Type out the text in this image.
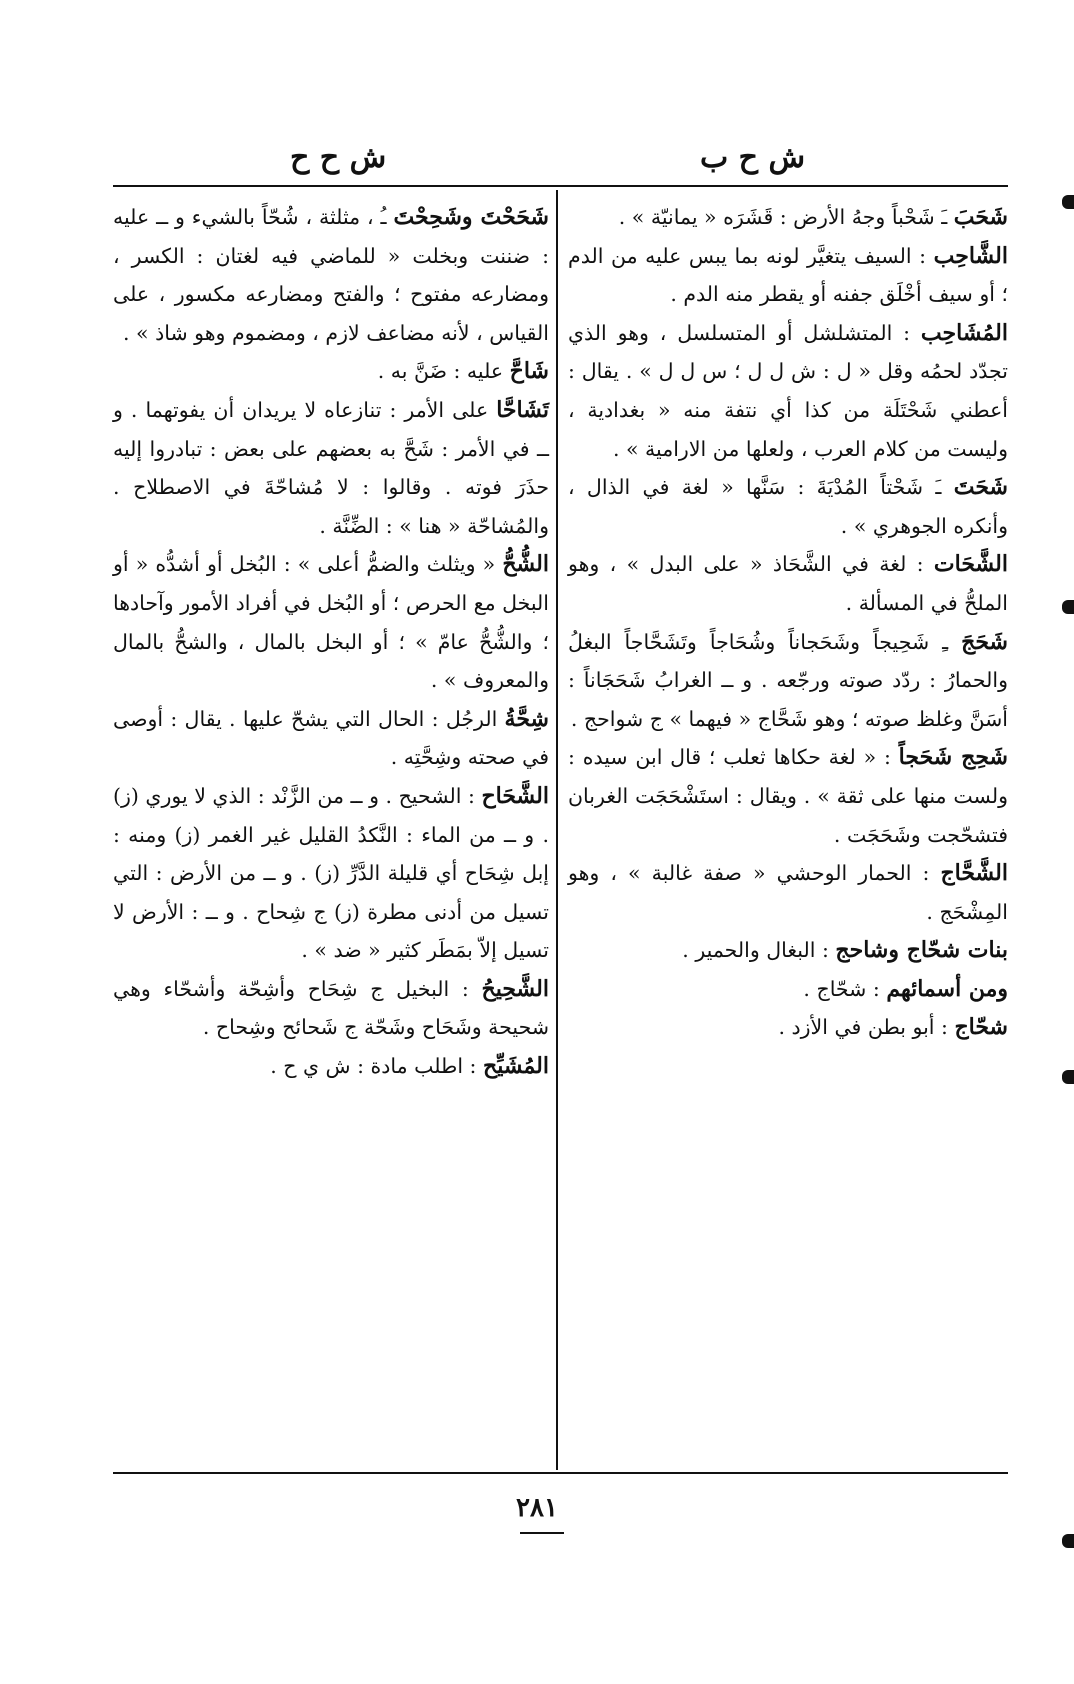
ش ح ب
ش ح ح

شَحَبَ ـَ شَحْباً وجهُ الأرض : قَشَرَه « يمانيّة » .

الشَّاحِب : السيف يتغيَّر لونه بما يبس عليه من الدم ؛ أو سيف أخْلَق جفنه أو يقطر منه الدم .

المُشَاحِب : المتشلشل أو المتسلسل ، وهو الذي تجدّد لحمُه وقل « ل : ش ل ل ؛ س ل ل » . يقال : أعطني شَحْتَلَة من كذا أي نتفة منه « بغدادية ، وليست من كلام العرب ، ولعلها من الارامية » .

شَحَتَ ـَ شَحْتاً المُدْيَةَ : سَنَّها « لغة في الذال ، وأنكره الجوهري » .

الشَّحَات : لغة في الشَّحَاذ « على البدل » ، وهو الملحُّ في المسألة .

شَحَجَ ـِ شَحِيجاً وشَحَجاناً وشُحَاجاً وتَشَحَّاجاً البغلُ والحمارُ : ردّد صوته ورجّعه . و ــ الغرابُ شَحَجَاناً : أسَنَّ وغلظ صوته ؛ وهو شَحَّاج « فيهما » ج شواحج .

شَحِج شَحَجاً : « لغة حكاها ثعلب ؛ قال ابن سيده : ولست منها على ثقة » . ويقال : استَشْحَجَت الغربان فتشحّجت وشَحَجَت .

الشَّحَّاج : الحمار الوحشي « صفة غالبة » ، وهو المِشْحَج .

بنات شحّاج وشاحج : البغال والحمير .

ومن أسمائهم : شحّاج .

شحّاج : أبو بطن في الأزد .

شَحَحْتَ وشَحِحْتَ ـُ ، مثلثة ، شُحّاً بالشيء و ــ عليه : ضننت وبخلت « للماضي فيه لغتان : الكسر ، ومضارعه مفتوح ؛ والفتح ومضارعه مكسور ، على القياس ، لأنه مضاعف لازم ، ومضموم وهو شاذ » .

شَاحَّ عليه : ضَنَّ به .

تَشَاحَّا على الأمر : تنازعاه لا يريدان أن يفوتهما . و ــ في الأمر : شَحَّ به بعضهم على بعض : تبادروا إليه حذَرَ فوته . وقالوا : لا مُشاحّةَ في الاصطلاح . والمُشاحّة « هنا » : الضِّنَّة .

الشُّحُّ « ويثلث والضمُّ أعلى » : البُخل أو أشدُّه « أو البخل مع الحرص ؛ أو البُخل في أفراد الأمور وآحادها ؛ والشُّحُّ عامّ » ؛ أو البخل بالمال ، والشحُّ بالمال والمعروف » .

شِحَّةُ الرجُل : الحال التي يشحّ عليها . يقال : أوصى في صحته وشِحَّتِه .

الشَّحَاح : الشحيح . و ــ من الزَّنْد : الذي لا يوري (ز) . و ــ من الماء : النَّكدُ القليل غير الغمر (ز) ومنه : إبل شِحَاح أي قليلة الدَّرِّ (ز) . و ــ من الأرض : التي تسيل من أدنى مطرة (ز) ج شِحاح . و ــ : الأرض لا تسيل إلاّ بمَطَر كثير « ضد » .

الشَّحِيحُ : البخيل ج شِحَاح وأشِحّة وأشحّاء وهي شحيحة وشَحَاح وشَحّة ج شَحائح وشِحاح .

المُشَيِّح : اطلب مادة : ش ي ح .

٢٨١
